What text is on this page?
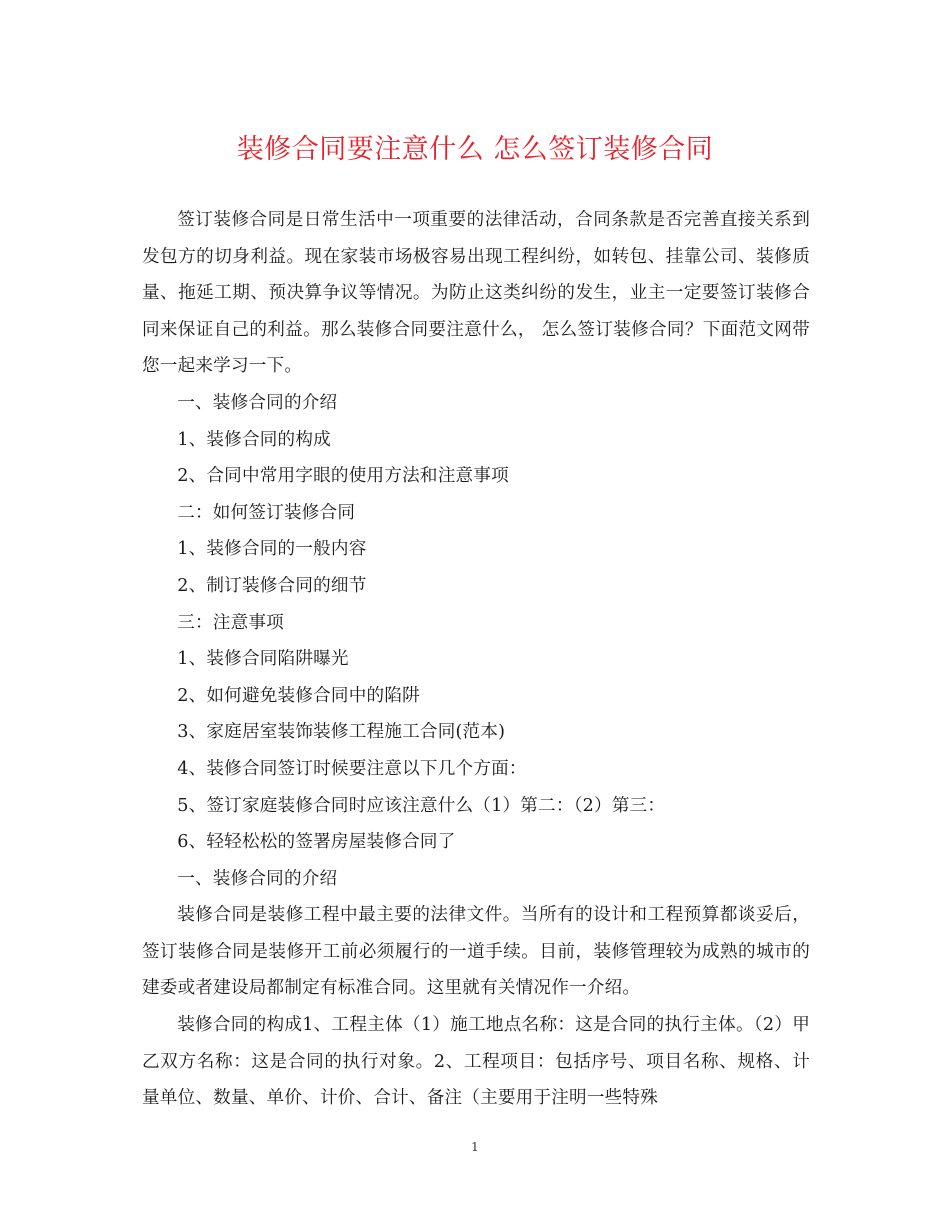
装修合同要注意什么 怎么签订装修合同

签订装修合同是日常生活中一项重要的法律活动，合同条款是否完善直接关系到发包方的切身利益。现在家装市场极容易出现工程纠纷，如转包、挂靠公司、装修质量、拖延工期、预决算争议等情况。为防止这类纠纷的发生，业主一定要签订装修合同来保证自己的利益。那么装修合同要注意什么， 怎么签订装修合同？下面范文网带您一起来学习一下。

一、装修合同的介绍

1、装修合同的构成

2、合同中常用字眼的使用方法和注意事项

二：如何签订装修合同

1、装修合同的一般内容

2、制订装修合同的细节

三：注意事项

1、装修合同陷阱曝光

2、如何避免装修合同中的陷阱

3、家庭居室装饰装修工程施工合同(范本)

4、装修合同签订时候要注意以下几个方面：

5、签订家庭装修合同时应该注意什么（1）第二：（2）第三：

6、轻轻松松的签署房屋装修合同了

一、装修合同的介绍

装修合同是装修工程中最主要的法律文件。当所有的设计和工程预算都谈妥后，签订装修合同是装修开工前必须履行的一道手续。目前，装修管理较为成熟的城市的建委或者建设局都制定有标准合同。这里就有关情况作一介绍。

装修合同的构成1、工程主体（1）施工地点名称：这是合同的执行主体。（2）甲乙双方名称：这是合同的执行对象。2、工程项目：包括序号、项目名称、规格、计量单位、数量、单价、计价、合计、备注（主要用于注明一些特殊

1
